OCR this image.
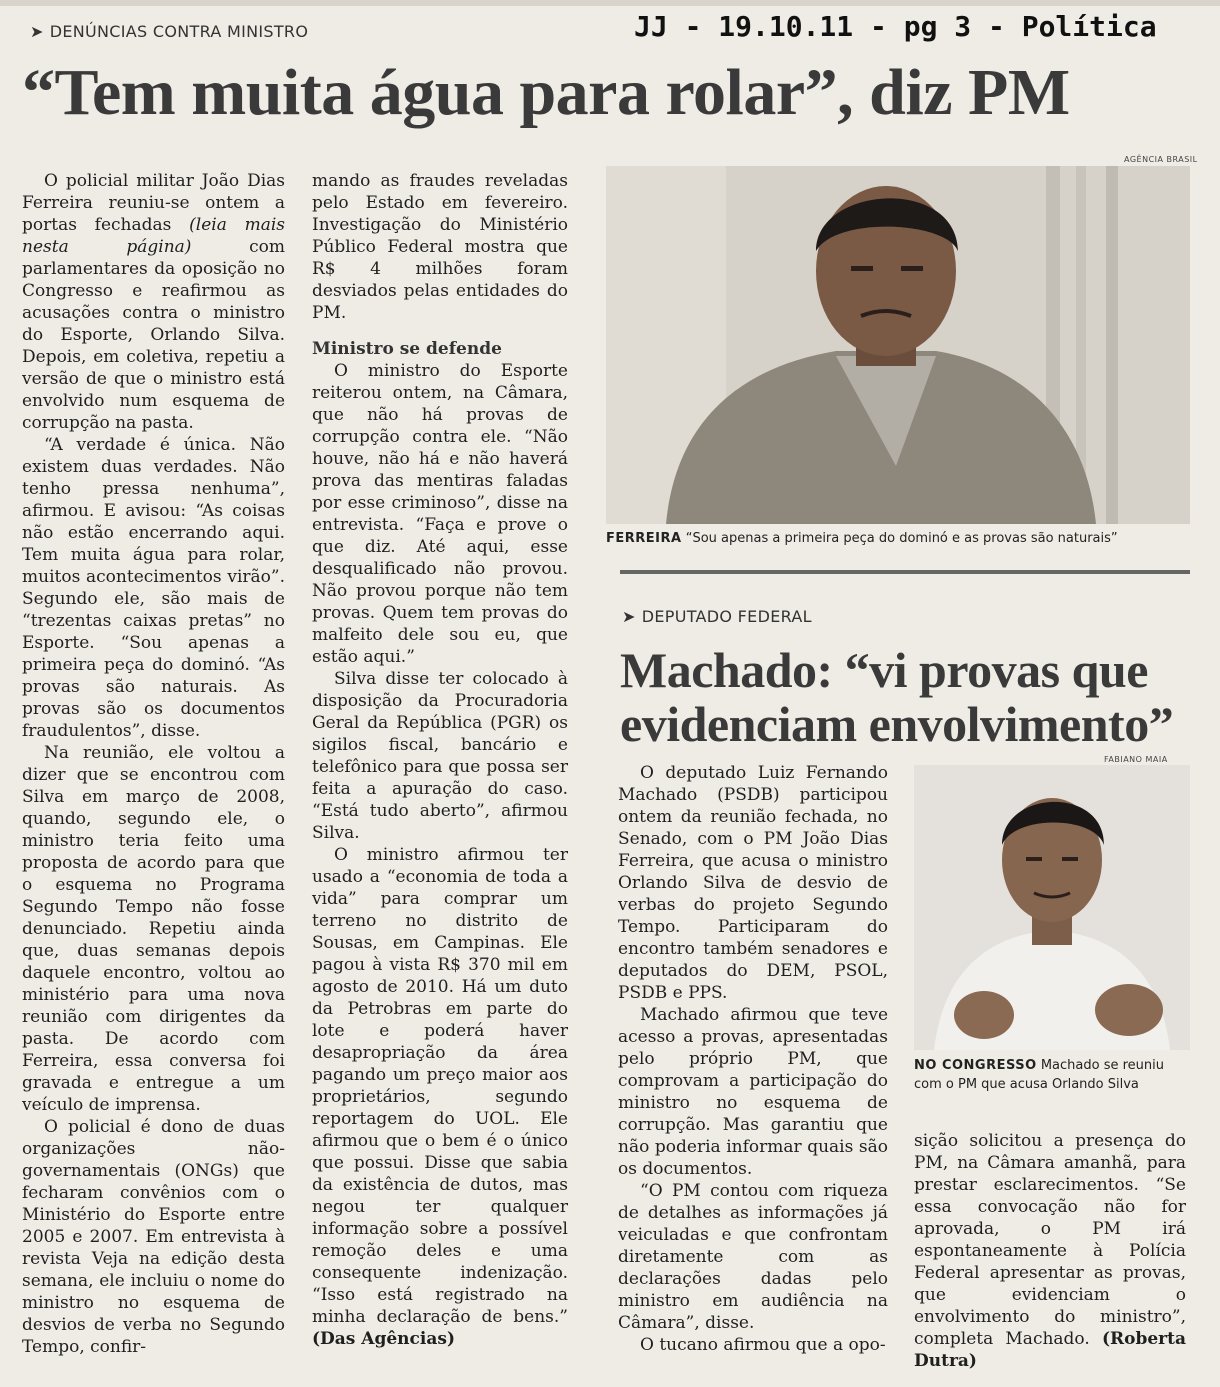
➤ DENÚNCIAS CONTRA MINISTRO	JJ - 19.10.11 - pg 3 - Política
“Tem muita água para rolar”, diz PM

O policial militar João Dias Ferreira reuniu-se ontem a portas fechadas (leia mais nesta página) com parlamentares da oposição no Congresso e reafirmou as acusações contra o ministro do Esporte, Orlando Silva. Depois, em coletiva, repetiu a versão de que o ministro está envolvido num esquema de corrupção na pasta.

“A verdade é única. Não existem duas verdades. Não tenho pressa nenhuma”, afirmou. E avisou: “As coisas não estão encerrando aqui. Tem muita água para rolar, muitos acontecimentos virão”. Segundo ele, são mais de “trezentas caixas pretas” no Esporte. “Sou apenas a primeira peça do dominó. “As provas são naturais. As provas são os documentos fraudulentos”, disse.

Na reunião, ele voltou a dizer que se encontrou com Silva em março de 2008, quando, segundo ele, o ministro teria feito uma proposta de acordo para que o esquema no Programa Segundo Tempo não fosse denunciado. Repetiu ainda que, duas semanas depois daquele encontro, voltou ao ministério para uma nova reunião com dirigentes da pasta. De acordo com Ferreira, essa conversa foi gravada e entregue a um veículo de imprensa.

O policial é dono de duas organizações não-governamentais (ONGs) que fecharam convênios com o Ministério do Esporte entre 2005 e 2007. Em entrevista à revista Veja na edição desta semana, ele incluiu o nome do ministro no esquema de desvios de verba no Segundo Tempo, confir-

mando as fraudes reveladas pelo Estado em fevereiro. Investigação do Ministério Público Federal mostra que R$ 4 milhões foram desviados pelas entidades do PM.

Ministro se defende

O ministro do Esporte reiterou ontem, na Câmara, que não há provas de corrupção contra ele. “Não houve, não há e não haverá prova das mentiras faladas por esse criminoso”, disse na entrevista. “Faça e prove o que diz. Até aqui, esse desqualificado não provou. Não provou porque não tem provas. Quem tem provas do malfeito dele sou eu, que estão aqui.”

Silva disse ter colocado à disposição da Procuradoria Geral da República (PGR) os sigilos fiscal, bancário e telefônico para que possa ser feita a apuração do caso. “Está tudo aberto”, afirmou Silva.

O ministro afirmou ter usado a “economia de toda a vida” para comprar um terreno no distrito de Sousas, em Campinas. Ele pagou à vista R$ 370 mil em agosto de 2010. Há um duto da Petrobras em parte do lote e poderá haver desapropriação da área pagando um preço maior aos proprietários, segundo reportagem do UOL. Ele afirmou que o bem é o único que possui. Disse que sabia da existência de dutos, mas negou ter qualquer informação sobre a possível remoção deles e uma consequente indenização. “Isso está registrado na minha declaração de bens.” (Das Agências)

AGÊNCIA BRASIL
FERREIRA “Sou apenas a primeira peça do dominó e as provas são naturais”
➤ DEPUTADO FEDERAL
Machado: “vi provas que
evidenciam envolvimento”

O deputado Luiz Fernando Machado (PSDB) participou ontem da reunião fechada, no Senado, com o PM João Dias Ferreira, que acusa o ministro Orlando Silva de desvio de verbas do projeto Segundo Tempo. Participaram do encontro também senadores e deputados do DEM, PSOL, PSDB e PPS.

Machado afirmou que teve acesso a provas, apresentadas pelo próprio PM, que comprovam a participação do ministro no esquema de corrupção. Mas garantiu que não poderia informar quais são os documentos.

“O PM contou com riqueza de detalhes as informações já veiculadas e que confrontam diretamente com as declarações dadas pelo ministro em audiência na Câmara”, disse.

O tucano afirmou que a opo-

FABIANO MAIA
NO CONGRESSO Machado se reuniu com o PM que acusa Orlando Silva

sição solicitou a presença do PM, na Câmara amanhã, para prestar esclarecimentos. “Se essa convocação não for aprovada, o PM irá espontaneamente à Polícia Federal apresentar as provas, que evidenciam o envolvimento do ministro”, completa Machado. (Roberta Dutra)
